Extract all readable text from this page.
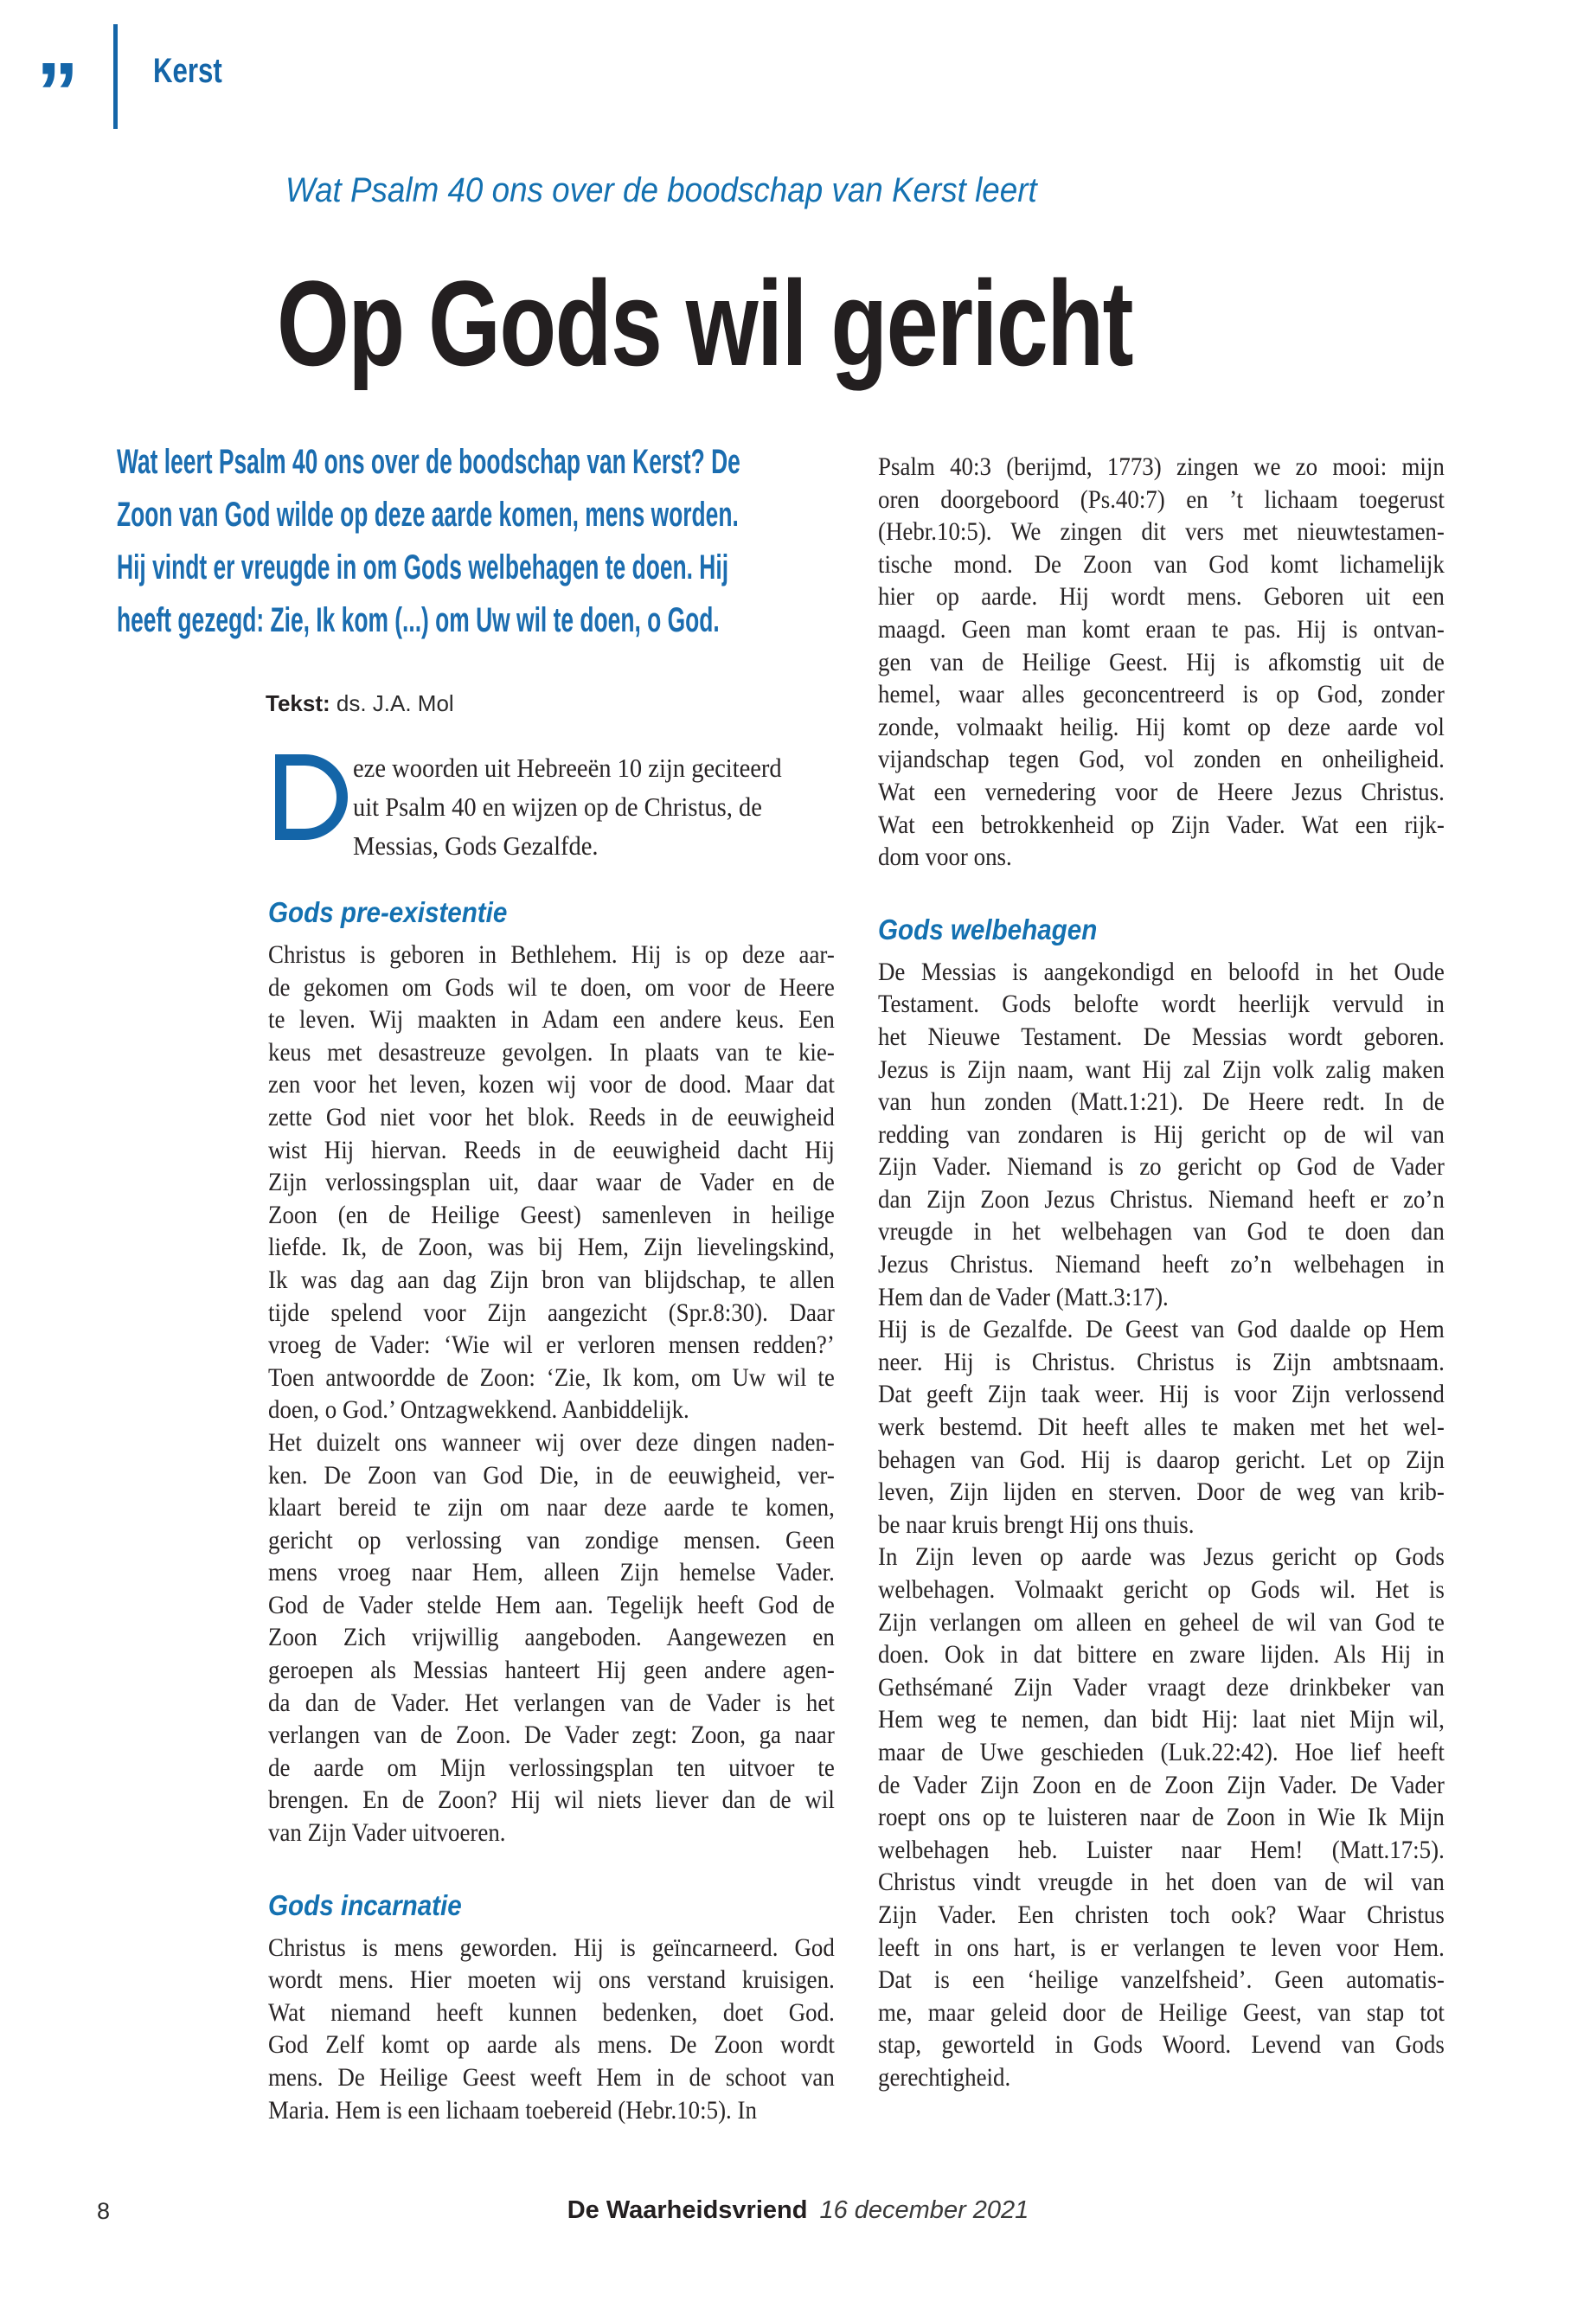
” Kerst
Wat Psalm 40 ons over de boodschap van Kerst leert
Op Gods wil gericht
Wat leert Psalm 40 ons over de boodschap van Kerst? De
Zoon van God wilde op deze aarde komen, mens worden.
Hij vindt er vreugde in om Gods welbehagen te doen. Hij
heeft gezegd: Zie, Ik kom (...) om Uw wil te doen, o God.
Tekst: ds. J.A. Mol
eze woorden uit Hebreeën 10 zijn geciteerd
uit Psalm 40 en wijzen op de Christus, de
Messias, Gods Gezalfde.
Gods pre-existentie
Christus is geboren in Bethlehem. Hij is op deze aar-
de gekomen om Gods wil te doen, om voor de Heere
te leven. Wij maakten in Adam een andere keus. Een
keus met desastreuze gevolgen. In plaats van te kie-
zen voor het leven, kozen wij voor de dood. Maar dat
zette God niet voor het blok. Reeds in de eeuwigheid
wist Hij hiervan. Reeds in de eeuwigheid dacht Hij
Zijn verlossingsplan uit, daar waar de Vader en de
Zoon (en de Heilige Geest) samenleven in heilige
liefde. Ik, de Zoon, was bij Hem, Zijn lievelingskind,
Ik was dag aan dag Zijn bron van blijdschap, te allen
tijde spelend voor Zijn aangezicht (Spr.8:30). Daar
vroeg de Vader: ‘Wie wil er verloren mensen redden?’
Toen antwoordde de Zoon: ‘Zie, Ik kom, om Uw wil te
doen, o God.’ Ontzagwekkend. Aanbiddelijk.
Het duizelt ons wanneer wij over deze dingen naden-
ken. De Zoon van God Die, in de eeuwigheid, ver-
klaart bereid te zijn om naar deze aarde te komen,
gericht op verlossing van zondige mensen. Geen
mens vroeg naar Hem, alleen Zijn hemelse Vader.
God de Vader stelde Hem aan. Tegelijk heeft God de
Zoon Zich vrijwillig aangeboden. Aangewezen en
geroepen als Messias hanteert Hij geen andere agen-
da dan de Vader. Het verlangen van de Vader is het
verlangen van de Zoon. De Vader zegt: Zoon, ga naar
de aarde om Mijn verlossingsplan ten uitvoer te
brengen. En de Zoon? Hij wil niets liever dan de wil
van Zijn Vader uitvoeren.
Gods incarnatie
Christus is mens geworden. Hij is geïncarneerd. God
wordt mens. Hier moeten wij ons verstand kruisigen.
Wat niemand heeft kunnen bedenken, doet God.
God Zelf komt op aarde als mens. De Zoon wordt
mens. De Heilige Geest weeft Hem in de schoot van
Maria. Hem is een lichaam toebereid (Hebr.10:5). In
Psalm 40:3 (berijmd, 1773) zingen we zo mooi: mijn
oren doorgeboord (Ps.40:7) en ’t lichaam toegerust
(Hebr.10:5). We zingen dit vers met nieuwtestamen-
tische mond. De Zoon van God komt lichamelijk
hier op aarde. Hij wordt mens. Geboren uit een
maagd. Geen man komt eraan te pas. Hij is ontvan-
gen van de Heilige Geest. Hij is afkomstig uit de
hemel, waar alles geconcentreerd is op God, zonder
zonde, volmaakt heilig. Hij komt op deze aarde vol
vijandschap tegen God, vol zonden en onheiligheid.
Wat een vernedering voor de Heere Jezus Christus.
Wat een betrokkenheid op Zijn Vader. Wat een rijk-
dom voor ons.
Gods welbehagen
De Messias is aangekondigd en beloofd in het Oude
Testament. Gods belofte wordt heerlijk vervuld in
het Nieuwe Testament. De Messias wordt geboren.
Jezus is Zijn naam, want Hij zal Zijn volk zalig maken
van hun zonden (Matt.1:21). De Heere redt. In de
redding van zondaren is Hij gericht op de wil van
Zijn Vader. Niemand is zo gericht op God de Vader
dan Zijn Zoon Jezus Christus. Niemand heeft er zo’n
vreugde in het welbehagen van God te doen dan
Jezus Christus. Niemand heeft zo’n welbehagen in
Hem dan de Vader (Matt.3:17).
Hij is de Gezalfde. De Geest van God daalde op Hem
neer. Hij is Christus. Christus is Zijn ambtsnaam.
Dat geeft Zijn taak weer. Hij is voor Zijn verlossend
werk bestemd. Dit heeft alles te maken met het wel-
behagen van God. Hij is daarop gericht. Let op Zijn
leven, Zijn lijden en sterven. Door de weg van krib-
be naar kruis brengt Hij ons thuis.
In Zijn leven op aarde was Jezus gericht op Gods
welbehagen. Volmaakt gericht op Gods wil. Het is
Zijn verlangen om alleen en geheel de wil van God te
doen. Ook in dat bittere en zware lijden. Als Hij in
Gethsémané Zijn Vader vraagt deze drinkbeker van
Hem weg te nemen, dan bidt Hij: laat niet Mijn wil,
maar de Uwe geschieden (Luk.22:42). Hoe lief heeft
de Vader Zijn Zoon en de Zoon Zijn Vader. De Vader
roept ons op te luisteren naar de Zoon in Wie Ik Mijn
welbehagen heb. Luister naar Hem! (Matt.17:5).
Christus vindt vreugde in het doen van de wil van
Zijn Vader. Een christen toch ook? Waar Christus
leeft in ons hart, is er verlangen te leven voor Hem.
Dat is een ‘heilige vanzelfsheid’. Geen automatis-
me, maar geleid door de Heilige Geest, van stap tot
stap, geworteld in Gods Woord. Levend van Gods
gerechtigheid.
8	De Waarheidsvriend 16 december 2021
